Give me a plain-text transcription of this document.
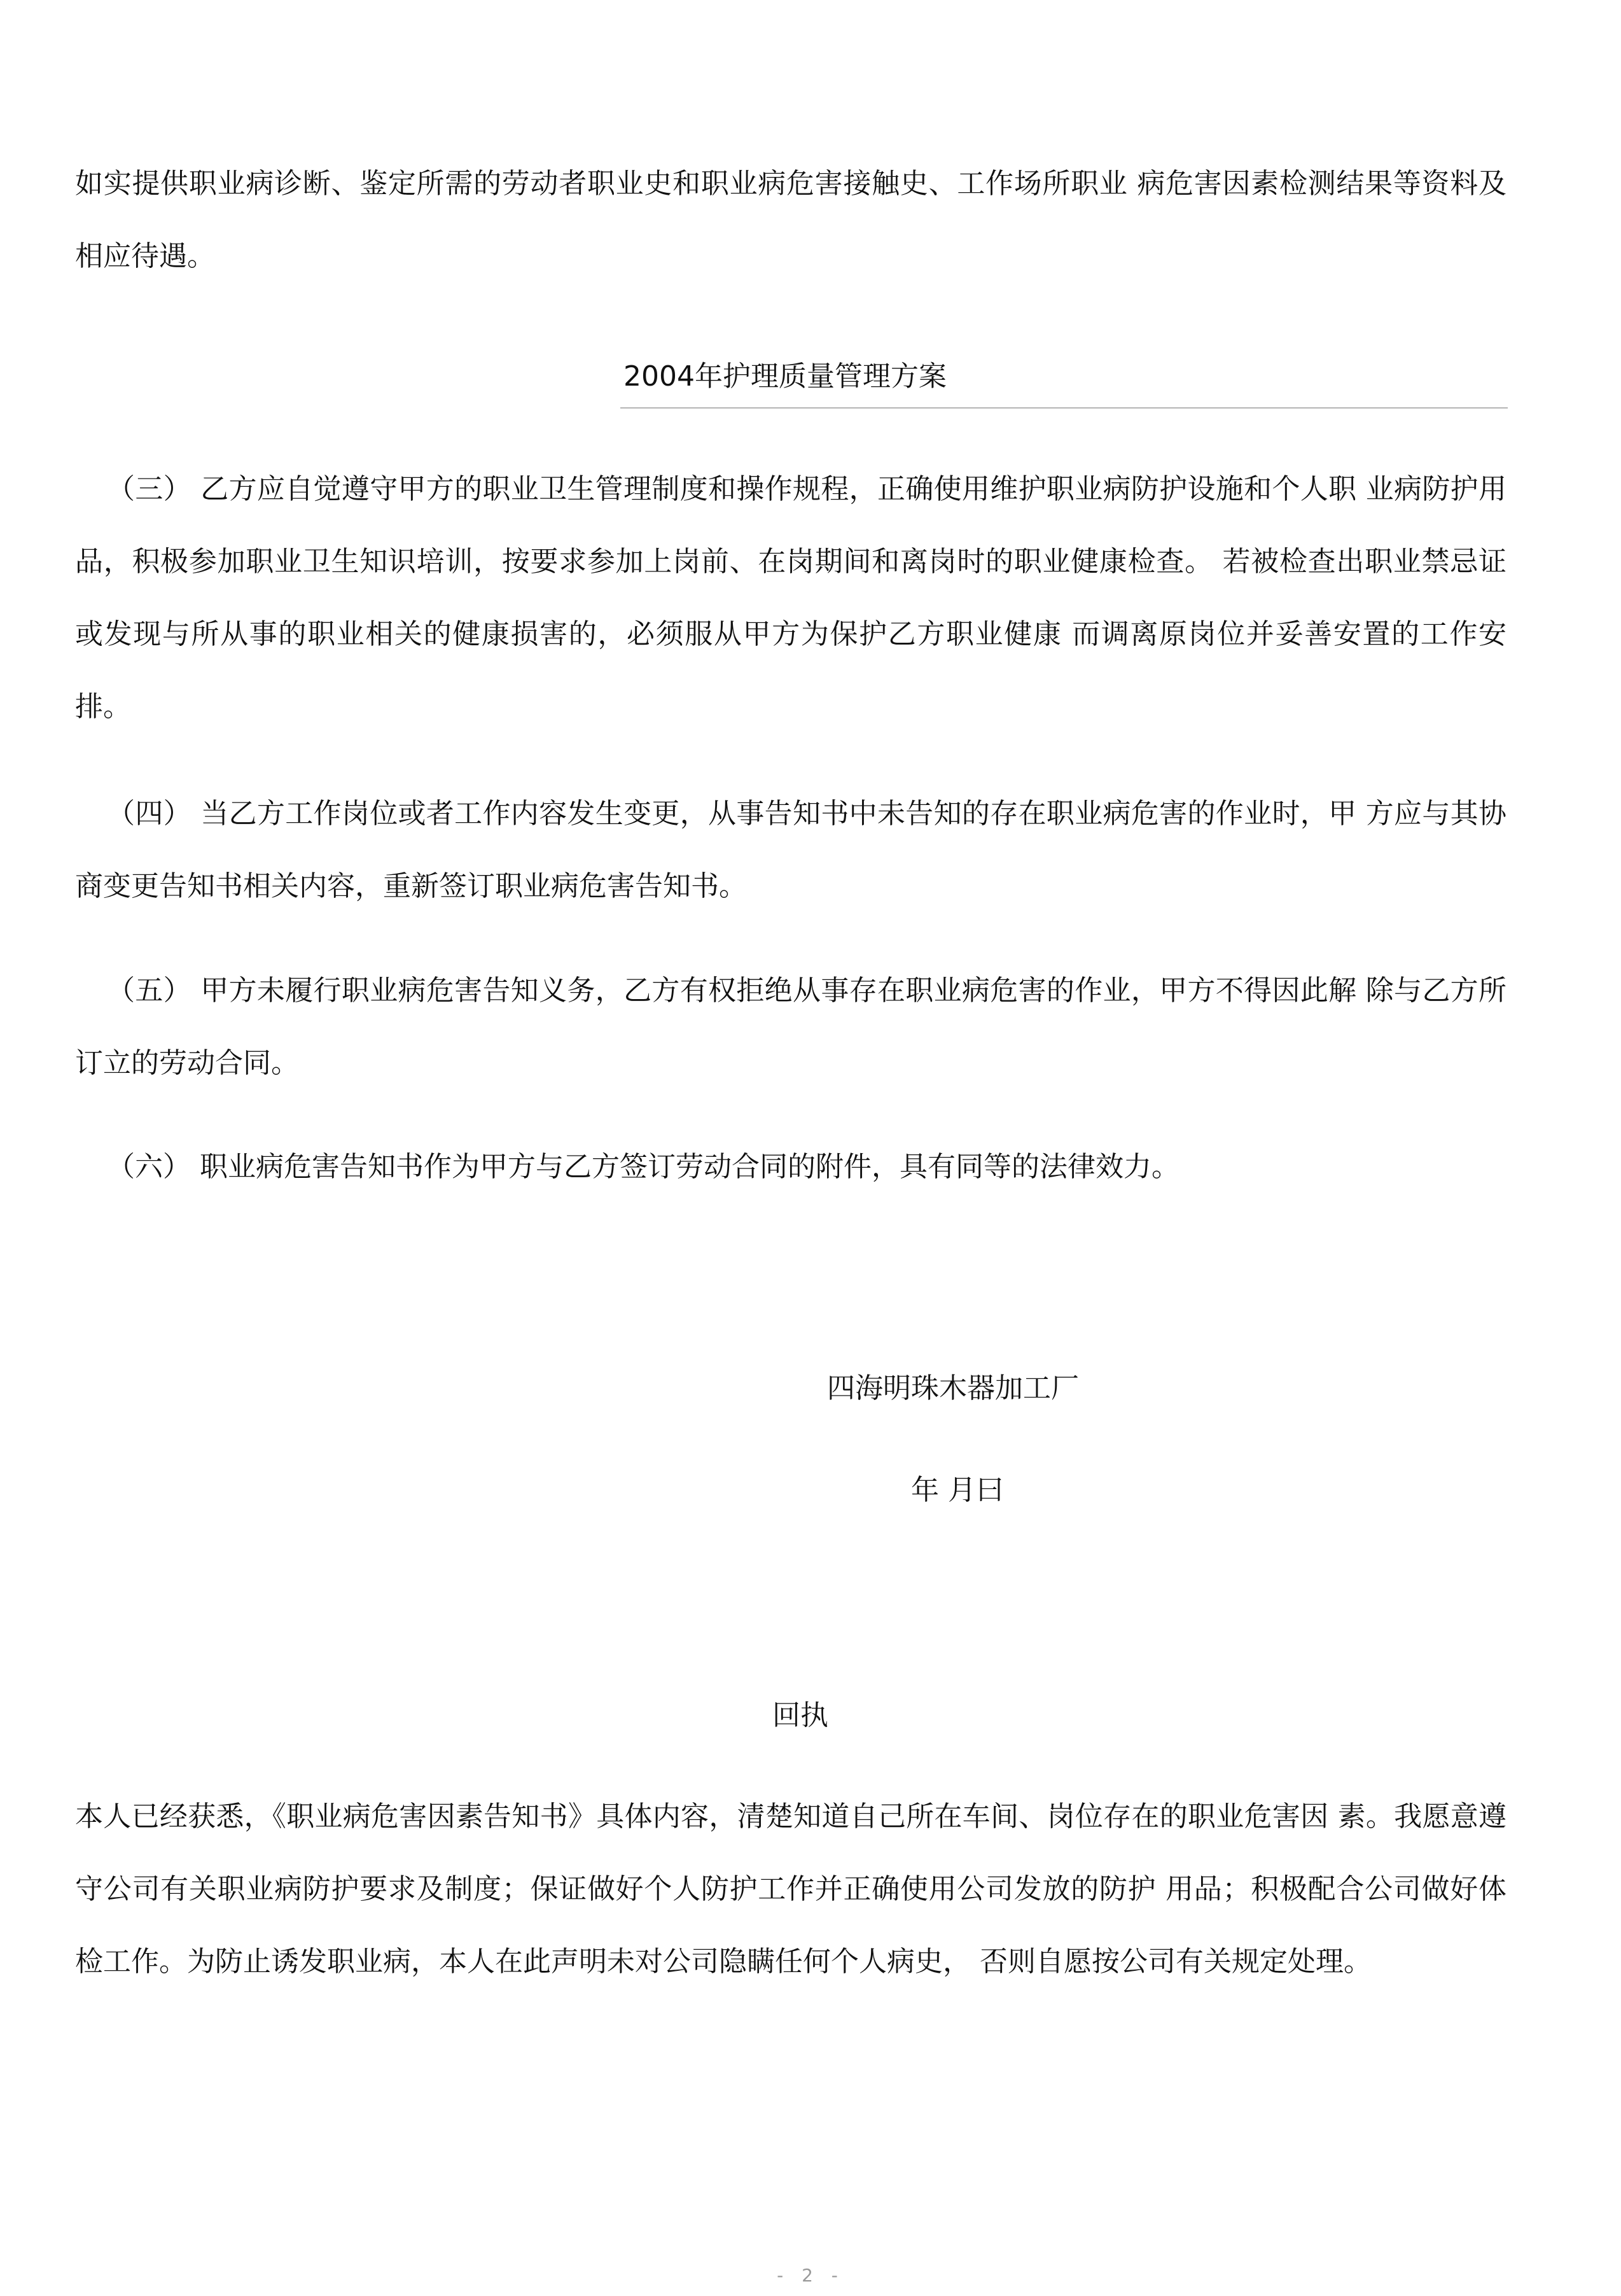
如实提供职业病诊断、鉴定所需的劳动者职业史和职业病危害接触史、工作场所职业 病危害因素检测结果等资料及相应待遇。

2004年护理质量管理方案

（三） 乙方应自觉遵守甲方的职业卫生管理制度和操作规程，正确使用维护职业病防护设施和个人职 业病防护用品，积极参加职业卫生知识培训，按要求参加上岗前、在岗期间和离岗时的职业健康检查。 若被检查出职业禁忌证或发现与所从事的职业相关的健康损害的，必须服从甲方为保护乙方职业健康 而调离原岗位并妥善安置的工作安排。

（四） 当乙方工作岗位或者工作内容发生变更，从事告知书中未告知的存在职业病危害的作业时，甲 方应与其协商变更告知书相关内容，重新签订职业病危害告知书。

（五） 甲方未履行职业病危害告知义务，乙方有权拒绝从事存在职业病危害的作业，甲方不得因此解 除与乙方所订立的劳动合同。

（六） 职业病危害告知书作为甲方与乙方签订劳动合同的附件，具有同等的法律效力。

四海明珠木器加工厂
年 月曰
回执

本人已经获悉，《职业病危害因素告知书》具体内容，清楚知道自己所在车间、岗位存在的职业危害因 素。我愿意遵守公司有关职业病防护要求及制度；保证做好个人防护工作并正确使用公司发放的防护 用品；积极配合公司做好体检工作。为防止诱发职业病，本人在此声明未对公司隐瞒任何个人病史， 否则自愿按公司有关规定处理。

- 2 -
